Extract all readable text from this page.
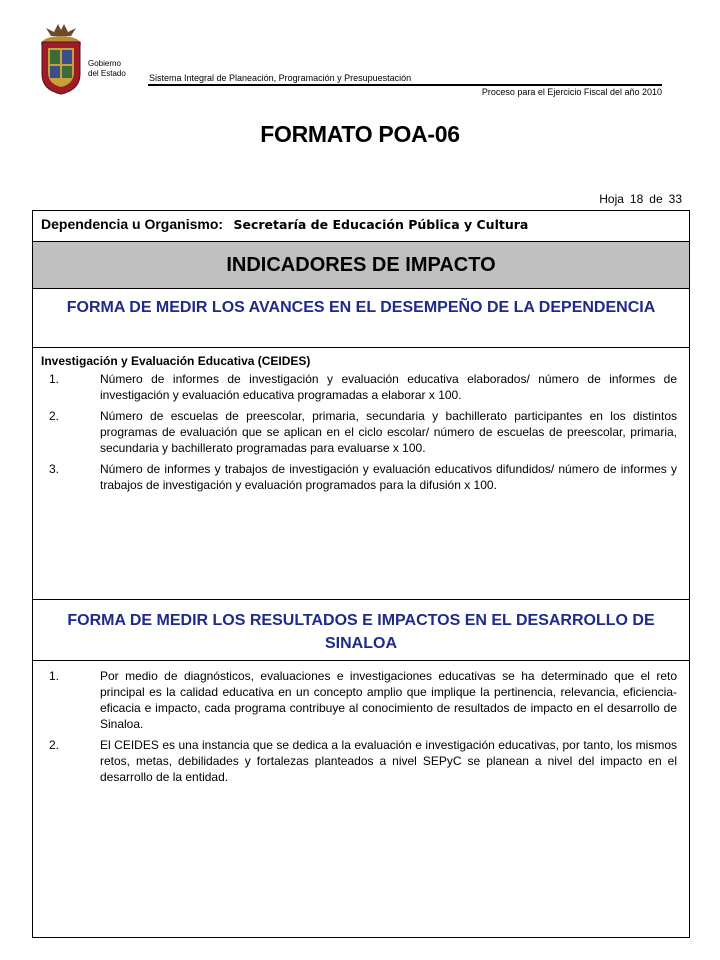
Gobierno
del Estado	Sistema Integral de Planeación, Programación y Presupuestación
Proceso para el Ejercicio Fiscal del año 2010
FORMATO POA-06
Hoja 18 de 33
Dependencia u Organismo: Secretaría de Educación Pública y Cultura
INDICADORES DE IMPACTO
FORMA DE MEDIR LOS AVANCES EN EL DESEMPEÑO DE LA DEPENDENCIA
Investigación y Evaluación Educativa (CEIDES)
1.	Número de informes de investigación y evaluación educativa elaborados/ número de informes de investigación y evaluación educativa programadas a elaborar x 100.
2.	Número de escuelas de preescolar, primaria, secundaria y bachillerato participantes en los distintos programas de evaluación que se aplican en el ciclo escolar/ número de escuelas de preescolar, primaria, secundaria y bachillerato programadas para evaluarse x 100.
3.	Número de informes y trabajos de investigación y evaluación educativos difundidos/ número de informes y trabajos de investigación y evaluación programados para la difusión x 100.
FORMA DE MEDIR LOS RESULTADOS E IMPACTOS EN EL DESARROLLO DE SINALOA
1.	Por medio de diagnósticos, evaluaciones e investigaciones educativas se ha determinado que el reto principal es la calidad educativa en un concepto amplio que implique la pertinencia, relevancia, eficiencia-eficacia e impacto, cada programa contribuye al conocimiento de resultados de impacto en el desarrollo de Sinaloa.
2.	El CEIDES es una instancia que se dedica a la evaluación e investigación educativas, por tanto, los mismos retos, metas, debilidades y fortalezas planteados a nivel SEPyC se planean a nivel del impacto en el desarrollo de la entidad.
